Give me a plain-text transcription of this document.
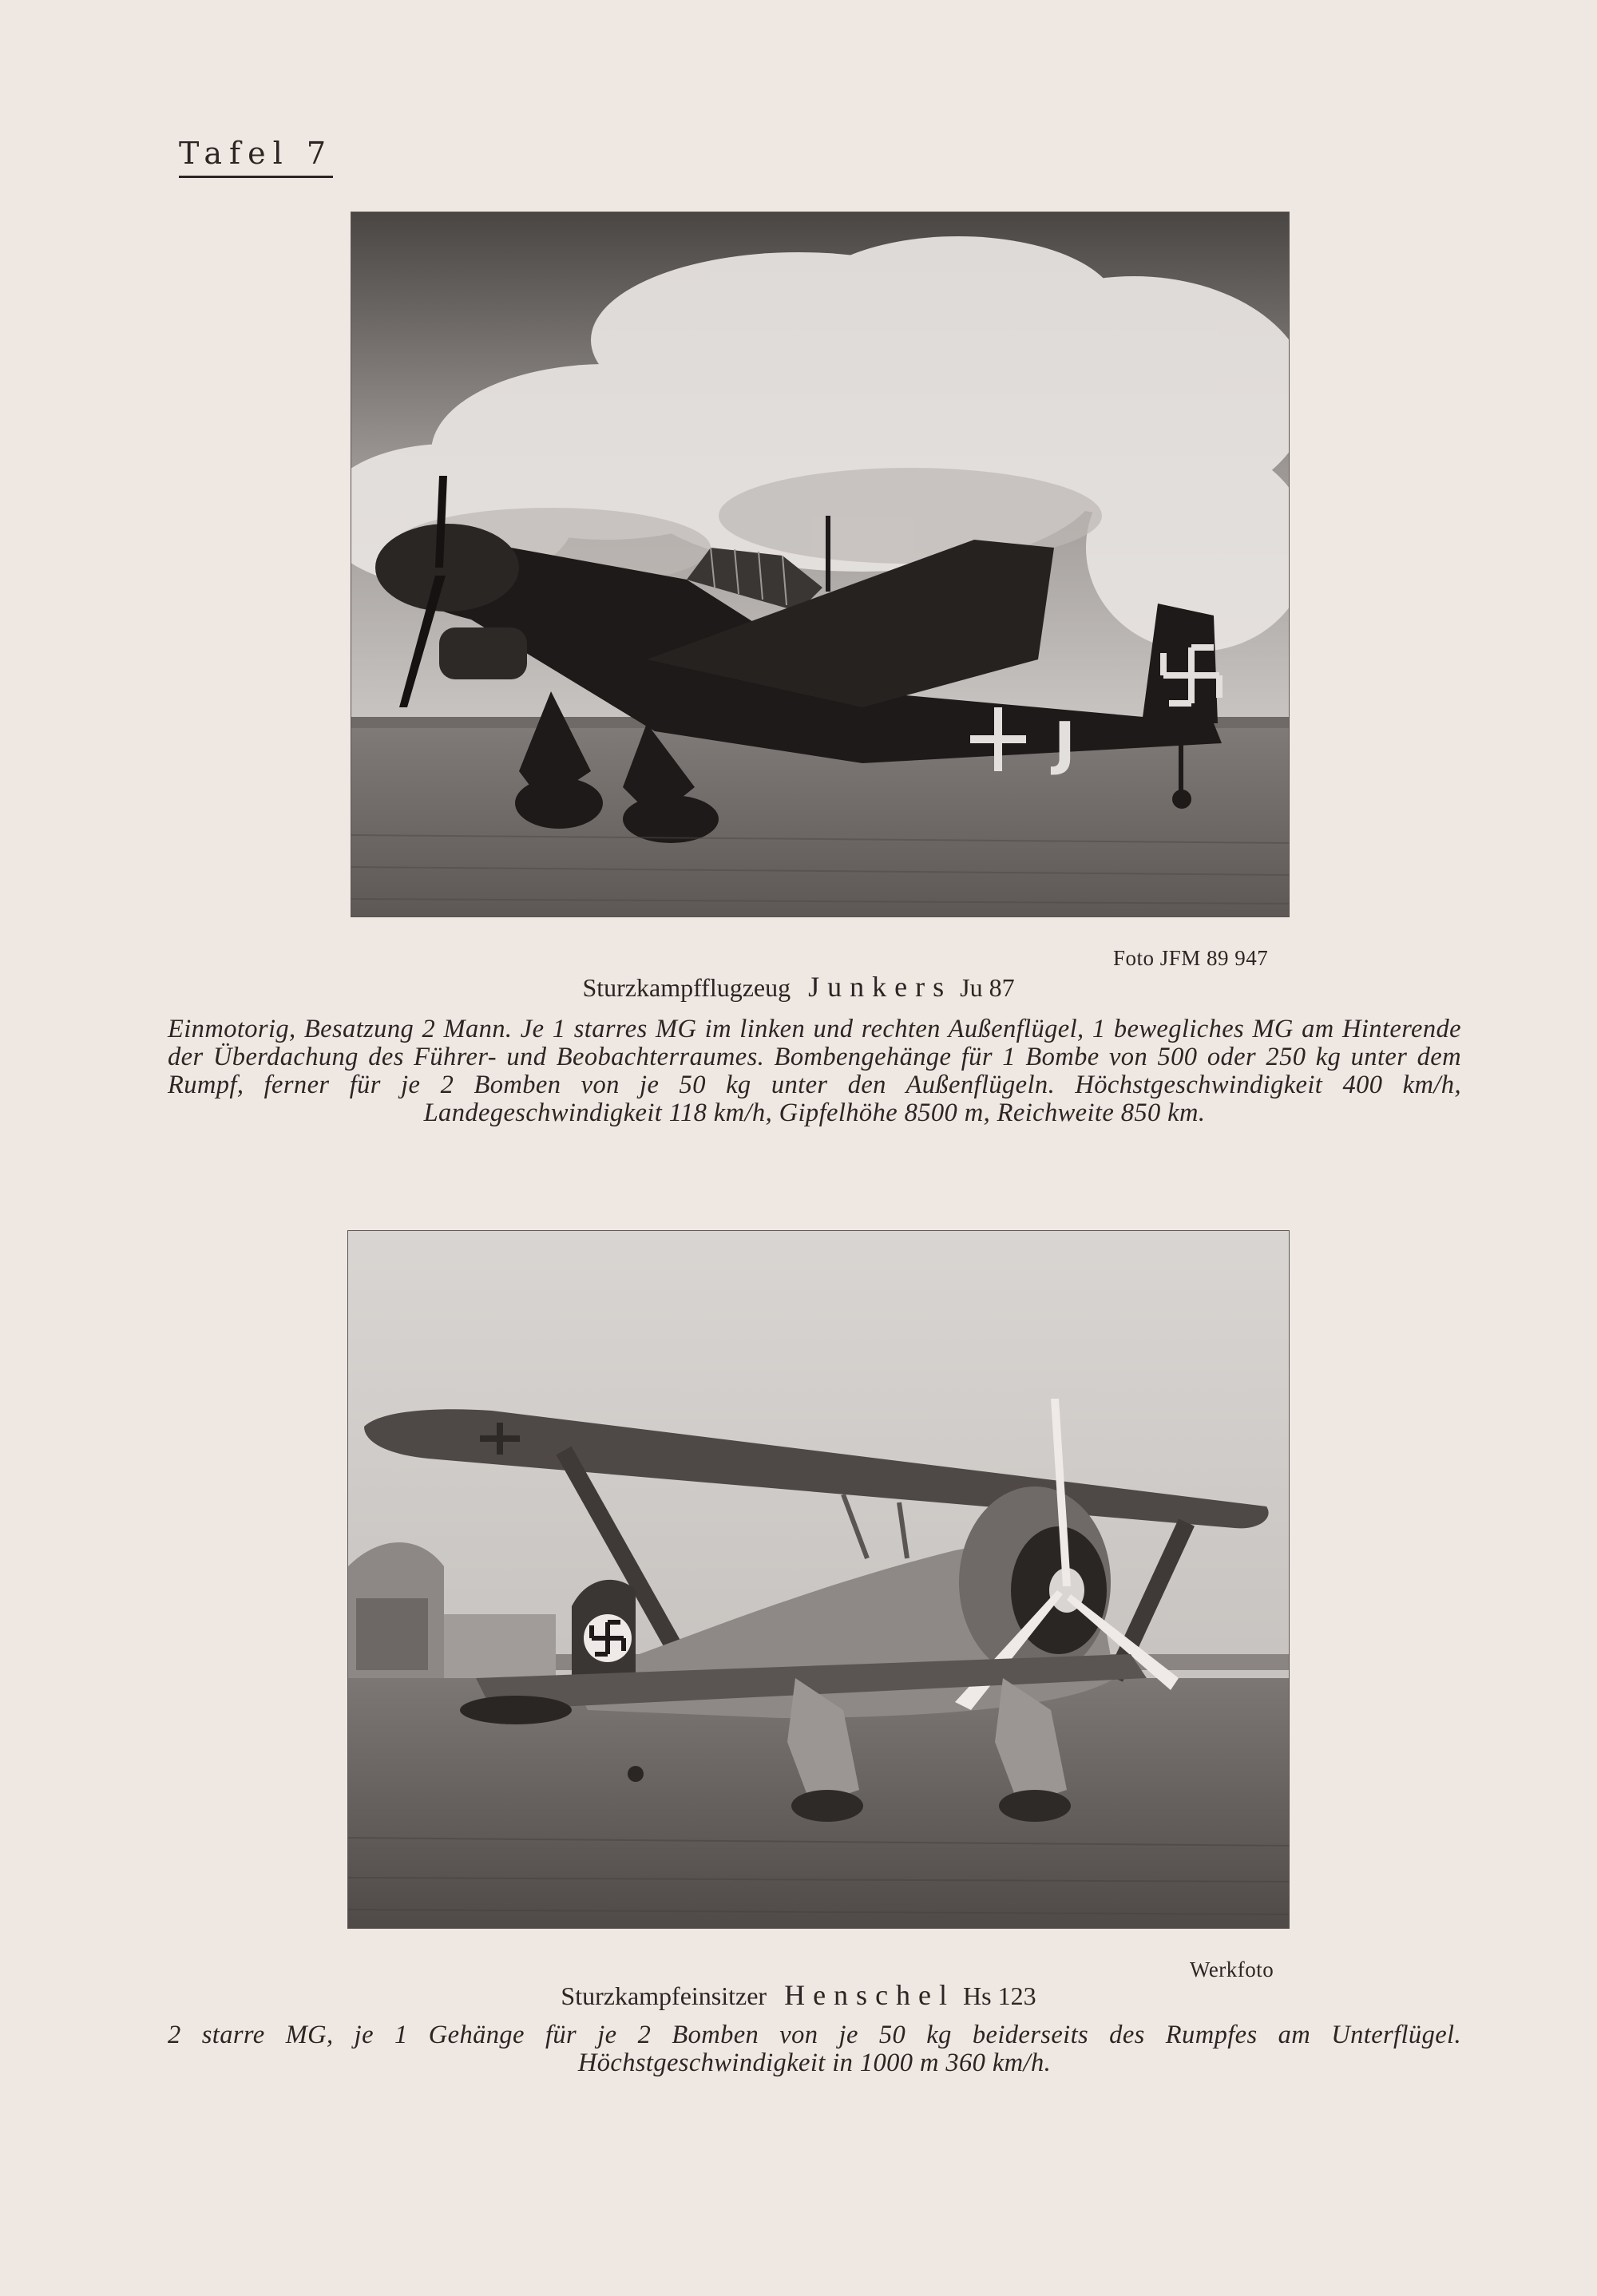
Tafel 7
J
Foto JFM 89 947
Sturzkampfflugzeug Junkers Ju 87

Einmotorig, Besatzung 2 Mann. Je 1 starres MG im linken und rechten Außenflügel, 1 bewegliches MG am Hinterende der Überdachung des Führer- und Beobachterraumes. Bombengehänge für 1 Bombe von 500 oder 250 kg unter dem Rumpf, ferner für je 2 Bomben von je 50 kg unter den Außenflügeln. Höchstgeschwindigkeit 400 km/h, Landegeschwindigkeit 118 km/h, Gipfelhöhe 8500 m, Reichweite 850 km.

Werkfoto
Sturzkampfeinsitzer Henschel Hs 123

2 starre MG, je 1 Gehänge für je 2 Bomben von je 50 kg beiderseits des Rumpfes am Unterflügel. Höchstgeschwindigkeit in 1000 m 360 km/h.
